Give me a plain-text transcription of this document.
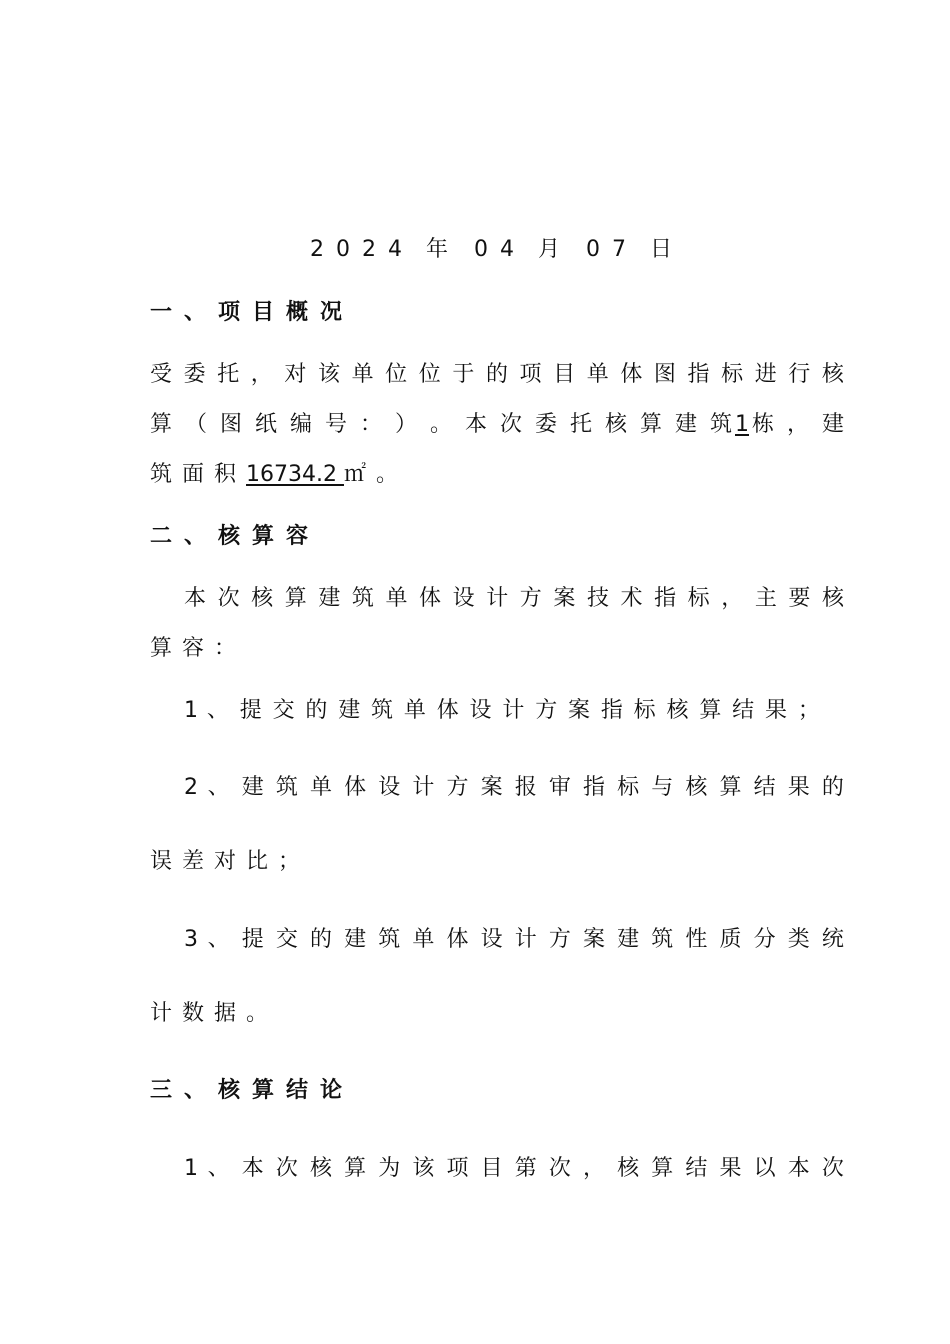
2024 年 04 月 07 日
一、项目概况
受 委 托 ， 对 该 单 位 位 于 的 项 目 单 体 图 指 标 进 行 核
算 （ 图 纸 编 号 ： ） 。 本 次 委 托 核 算 建 筑1栋 ， 建
筑面积16734.2 ㎡。
二、核算容
本 次 核 算 建 筑 单 体 设 计 方 案 技 术 指 标 ， 主 要 核
算容：
1 、 提 交 的 建 筑 单 体 设 计 方 案 指 标 核 算 结 果 ；
2 、 建 筑 单 体 设 计 方 案 报 审 指 标 与 核 算 结 果 的
误差对比；
3 、 提 交 的 建 筑 单 体 设 计 方 案 建 筑 性 质 分 类 统
计数据。
三、核算结论
1 、 本 次 核 算 为 该 项 目 第 次 ， 核 算 结 果 以 本 次
